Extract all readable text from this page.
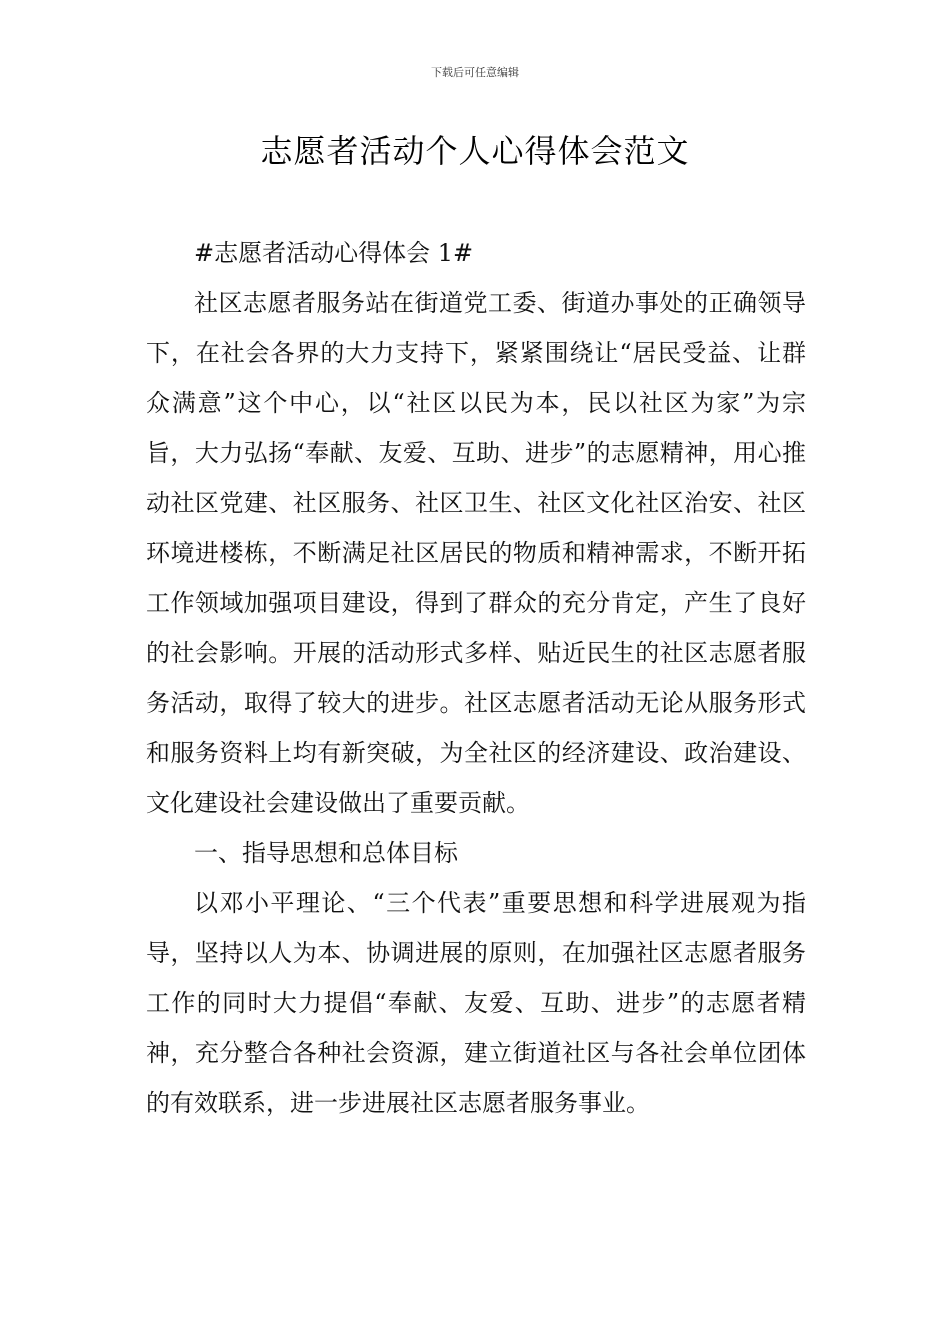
下载后可任意编辑
志愿者活动个人心得体会范文

#志愿者活动心得体会 1#

社区志愿者服务站在街道党工委、街道办事处的正确领导下，在社会各界的大力支持下，紧紧围绕让“居民受益、让群众满意”这个中心，以“社区以民为本，民以社区为家”为宗旨，大力弘扬“奉献、友爱、互助、进步”的志愿精神，用心推动社区党建、社区服务、社区卫生、社区文化社区治安、社区环境进楼栋，不断满足社区居民的物质和精神需求，不断开拓工作领域加强项目建设，得到了群众的充分肯定，产生了良好的社会影响。开展的活动形式多样、贴近民生的社区志愿者服务活动，取得了较大的进步。社区志愿者活动无论从服务形式和服务资料上均有新突破，为全社区的经济建设、政治建设、文化建设社会建设做出了重要贡献。

一、指导思想和总体目标

以邓小平理论、“三个代表”重要思想和科学进展观为指导，坚持以人为本、协调进展的原则，在加强社区志愿者服务工作的同时大力提倡“奉献、友爱、互助、进步”的志愿者精神，充分整合各种社会资源，建立街道社区与各社会单位团体的有效联系，进一步进展社区志愿者服务事业。
